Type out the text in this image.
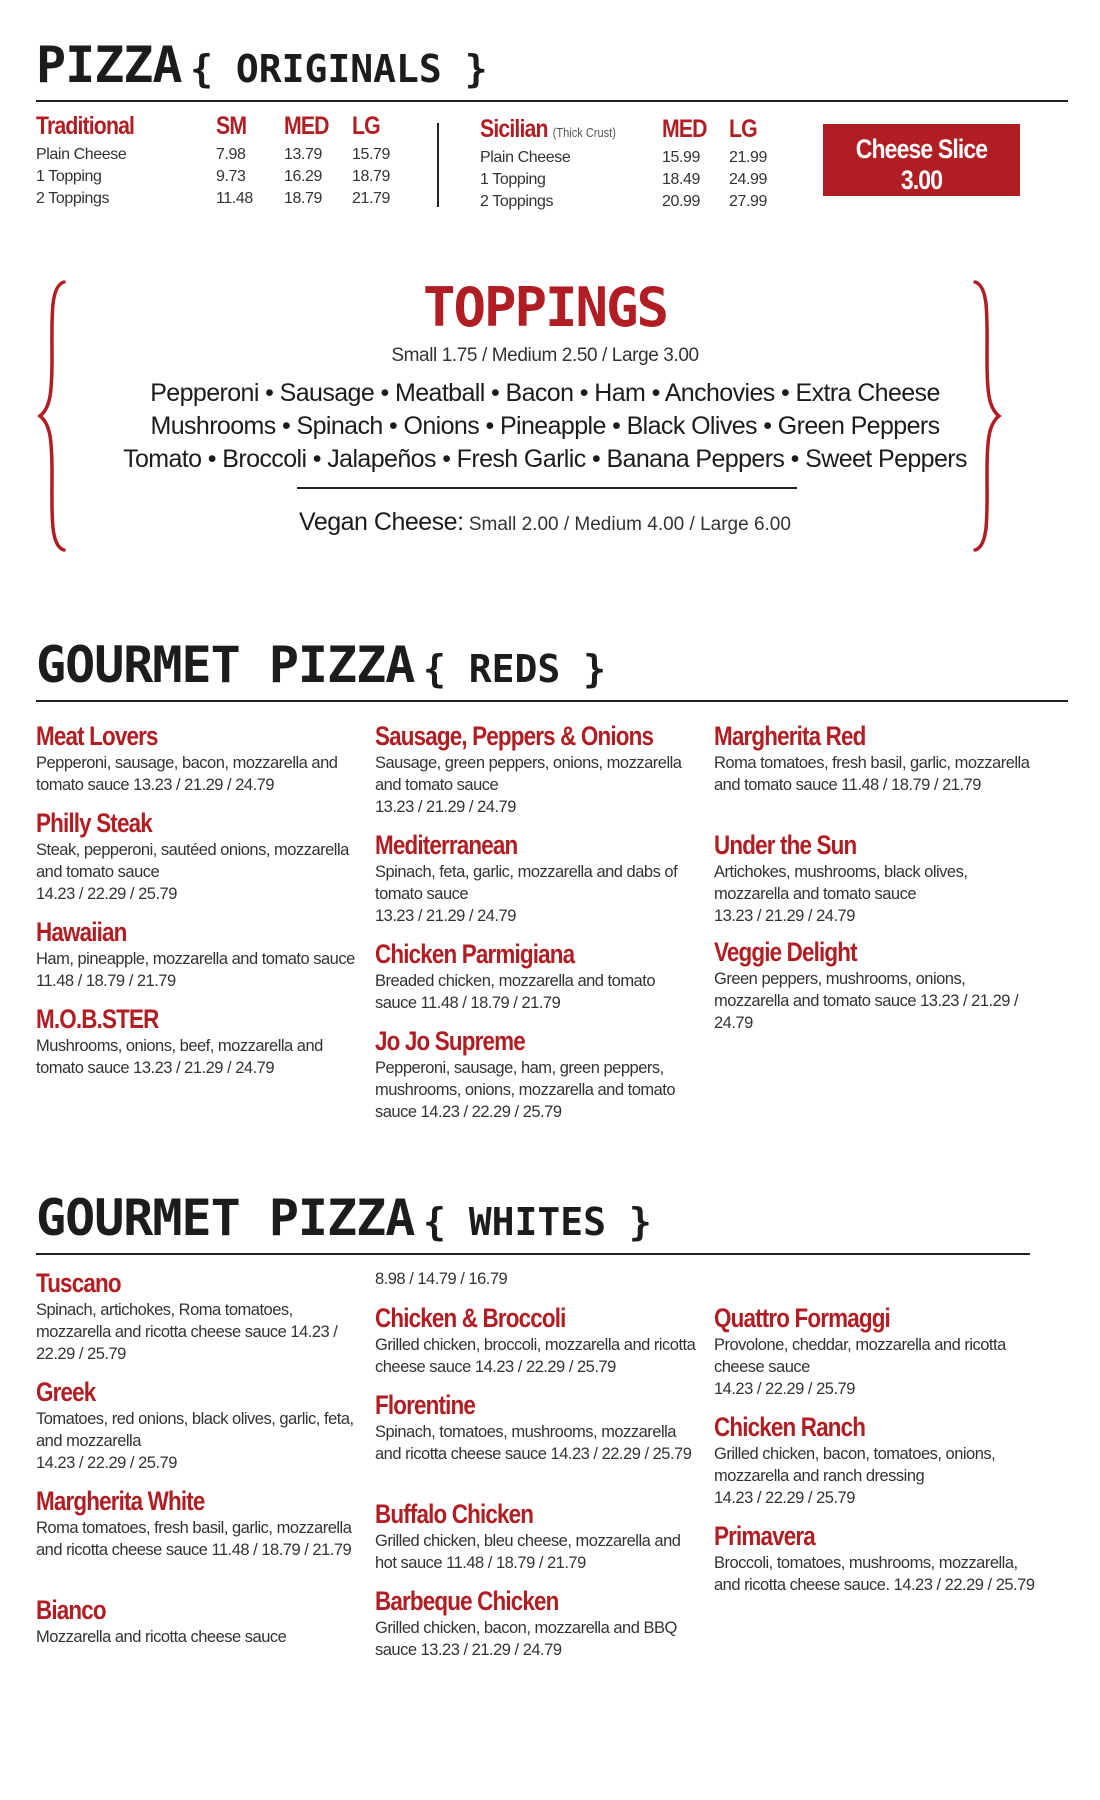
PIZZA { ORIGINALS }
Traditional	SM MED LG
Plain Cheese	7.98 13.79 15.79
1 Topping	9.73 16.29 18.79
2 Toppings	11.48 18.79 21.79
Sicilian (Thick Crust) MED LG
Plain Cheese	15.99 21.99
1 Topping	18.49 24.99
2 Toppings	20.99 27.99
Cheese Slice 3.00
Toppings .50 Each
TOPPINGS
Small 1.75 / Medium 2.50 / Large 3.00
Pepperoni • Sausage • Meatball • Bacon • Ham • Anchovies • Extra Cheese
Mushrooms • Spinach • Onions • Pineapple • Black Olives • Green Peppers
Tomato • Broccoli • Jalapeños • Fresh Garlic • Banana Peppers • Sweet Peppers
Vegan Cheese: Small 2.00 / Medium 4.00 / Large 6.00
GOURMET PIZZA { REDS }
Meat Lovers
Pepperoni, sausage, bacon, mozzarella and tomato sauce 13.23 / 21.29 / 24.79
Philly Steak
Steak, pepperoni, sautéed onions, mozzarella and tomato sauce
14.23 / 22.29 / 25.79
Hawaiian
Ham, pineapple, mozzarella and tomato sauce 11.48 / 18.79 / 21.79
M.O.B.STER
Mushrooms, onions, beef, mozzarella and tomato sauce 13.23 / 21.29 / 24.79
Sausage, Peppers & Onions
Sausage, green peppers, onions, mozzarella and tomato sauce
13.23 / 21.29 / 24.79
Mediterranean
Spinach, feta, garlic, mozzarella and dabs of tomato sauce
13.23 / 21.29 / 24.79
Chicken Parmigiana
Breaded chicken, mozzarella and tomato sauce 11.48 / 18.79 / 21.79
Jo Jo Supreme
Pepperoni, sausage, ham, green peppers, mushrooms, onions, mozzarella and tomato sauce 14.23 / 22.29 / 25.79
Margherita Red
Roma tomatoes, fresh basil, garlic, mozzarella and tomato sauce 11.48 / 18.79 / 21.79
Under the Sun
Artichokes, mushrooms, black olives, mozzarella and tomato sauce
13.23 / 21.29 / 24.79
Veggie Delight
Green peppers, mushrooms, onions, mozzarella and tomato sauce 13.23 / 21.29 / 24.79
GOURMET PIZZA { WHITES }
Tuscano
Spinach, artichokes, Roma tomatoes, mozzarella and ricotta cheese sauce 14.23 / 22.29 / 25.79
Greek
Tomatoes, red onions, black olives, garlic, feta, and mozzarella
14.23 / 22.29 / 25.79
Margherita White
Roma tomatoes, fresh basil, garlic, mozzarella and ricotta cheese sauce 11.48 / 18.79 / 21.79
Bianco
Mozzarella and ricotta cheese sauce
8.98 / 14.79 / 16.79
Chicken & Broccoli
Grilled chicken, broccoli, mozzarella and ricotta cheese sauce 14.23 / 22.29 / 25.79
Florentine
Spinach, tomatoes, mushrooms, mozzarella and ricotta cheese sauce 14.23 / 22.29 / 25.79
Buffalo Chicken
Grilled chicken, bleu cheese, mozzarella and hot sauce 11.48 / 18.79 / 21.79
Barbeque Chicken
Grilled chicken, bacon, mozzarella and BBQ sauce 13.23 / 21.29 / 24.79
Quattro Formaggi
Provolone, cheddar, mozzarella and ricotta cheese sauce
14.23 / 22.29 / 25.79
Chicken Ranch
Grilled chicken, bacon, tomatoes, onions, mozzarella and ranch dressing
14.23 / 22.29 / 25.79
Primavera
Broccoli, tomatoes, mushrooms, mozzarella, and ricotta cheese sauce. 14.23 / 22.29 / 25.79
